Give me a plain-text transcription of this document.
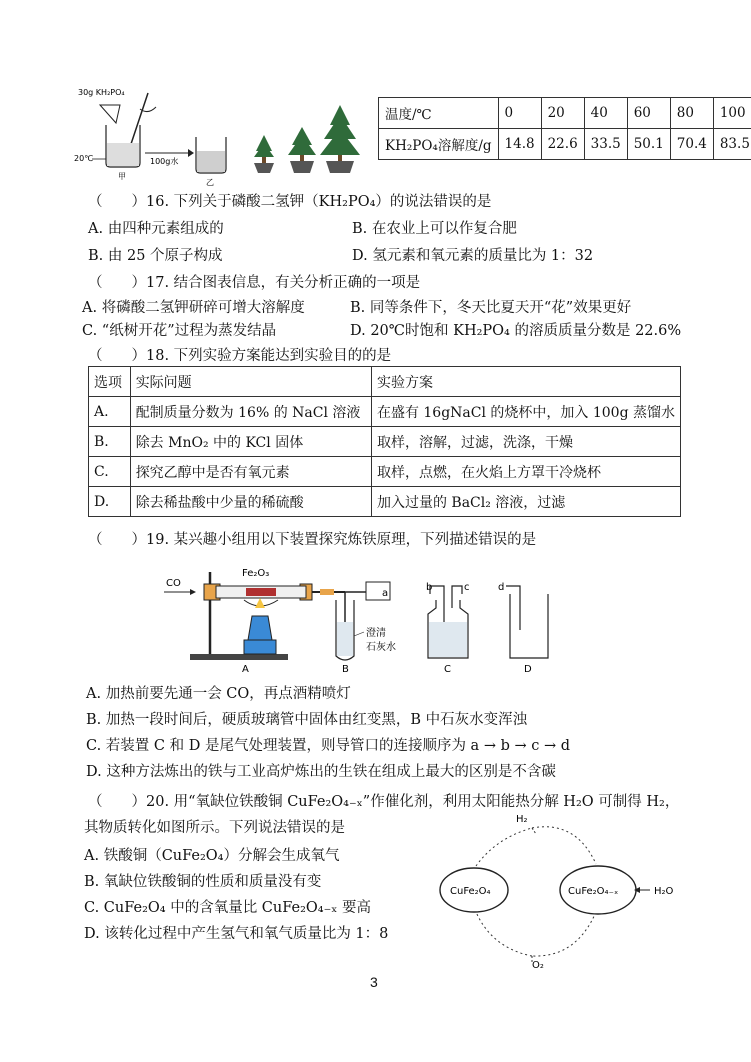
30g KH₂PO₄
20℃
甲
100g水
乙
温度/℃	0	20	40	60	80	100
KH₂PO₄溶解度/g	14.8	22.6	33.5	50.1	70.4	83.5
（　　）16. 下列关于磷酸二氢钾（KH₂PO₄）的说法错误的是
A. 由四种元素组成的	B. 在农业上可以作复合肥
B. 由 25 个原子构成	D. 氢元素和氧元素的质量比为 1：32
（　　）17. 结合图表信息，有关分析正确的一项是
A. 将磷酸二氢钾研碎可增大溶解度	B. 同等条件下，冬天比夏天开“花”效果更好
C. “纸树开花”过程为蒸发结晶	D. 20℃时饱和 KH₂PO₄ 的溶质质量分数是 22.6%
（　　）18. 下列实验方案能达到实验目的的是
选项	实际问题	实验方案
A.	配制质量分数为 16% 的 NaCl 溶液	在盛有 16gNaCl 的烧杯中，加入 100g 蒸馏水
B.	除去 MnO₂ 中的 KCl 固体	取样，溶解，过滤，洗涤，干燥
C.	探究乙醇中是否有氧元素	取样，点燃，在火焰上方罩干冷烧杯
D.	除去稀盐酸中少量的稀硫酸	加入过量的 BaCl₂ 溶液，过滤
（　　）19. 某兴趣小组用以下装置探究炼铁原理，下列描述错误的是
CO
Fe₂O₃
a
澄清
石灰水
A	B
b	c
C
d
D
A. 加热前要先通一会 CO，再点酒精喷灯
B. 加热一段时间后，硬质玻璃管中固体由红变黑，B 中石灰水变浑浊
C. 若装置 C 和 D 是尾气处理装置，则导管口的连接顺序为 a → b → c → d
D. 这种方法炼出的铁与工业高炉炼出的生铁在组成上最大的区别是不含碳
（　　）20. 用“氧缺位铁酸铜 CuFe₂O₄₋ₓ”作催化剂，利用太阳能热分解 H₂O 可制得 H₂，
其物质转化如图所示。下列说法错误的是
A. 铁酸铜（CuFe₂O₄）分解会生成氧气
B. 氧缺位铁酸铜的性质和质量没有变
C. CuFe₂O₄ 中的含氧量比 CuFe₂O₄₋ₓ 要高
D. 该转化过程中产生氢气和氧气质量比为 1：8
H₂
O₂
CuFe₂O₄	CuFe₂O₄₋ₓ	H₂O
3
